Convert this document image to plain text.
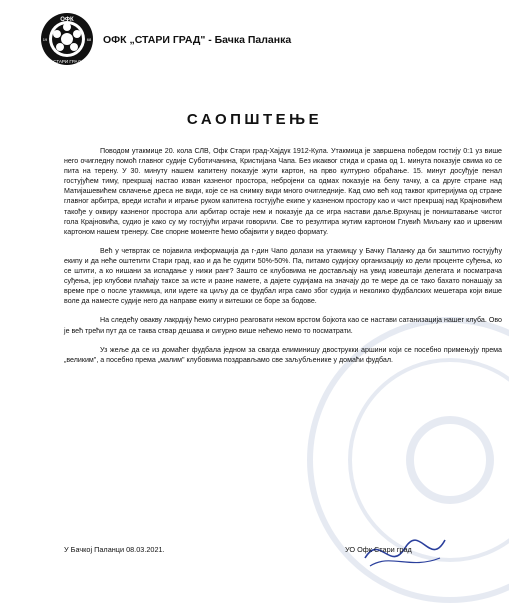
ОФК
СТАРИ ГРАД
19	68 ОФК „СТАРИ ГРАД" - Бачка Паланка
САОПШТЕЊЕ

Поводом утакмице 20. кола СЛВ, Офк Стари град-Хајдук 1912-Кула. Утакмица је завршена победом гостију 0:1 уз више него очигледну помоћ главног судије Суботичанина, Кристијана Чапа. Без икаквог стида и срама од 1. минута показује свима ко се пита на терену. У 30. минуту нашем капитену показује жути картон, на прво културно обраћање. 15. минут досуђује пенал гостујућем тиму, прекршај настао изван казненог простора, небројени са одмах показује на белу тачку, а са друге стране над Матијашевићем свлачење дреса не види, које се на снимку види много очигледније. Кад смо већ код таквог критеријума од стране главног арбитра, вреди истаћи и играње руком капитена гостујуће екипе у казненом простору као и чист прекршај над Крајновићем такође у оквиру казненог простора али арбитар остаје нем и показује да се игра настави даље.Врхунац је поништавање чистог гола Крајновића, судио је како су му гостујући играчи говорили. Све то резултира жутим картоном Глувић Миљану као и црвеним картоном нашем тренеру. Све спорне моменте ћемо обајвити у видео формату.

Већ у четвртак се појавила информација да г-дин Чапо долази на утакмицу у Бачку Паланку да би заштитио гостујућу екипу и да неће оштетити Стари град, као и да ће судити 50%-50%. Па, питамо судијску организацију ко дели проценте суђења, ко се штити, а ко нишани за испадање у нижи ранг? Зашто се клубовима не достављају на увид извештаји делегата и посматрача суђења, јер клубови плаћају таксе за исте и разне намете, а дајете судијама на значају до те мере да се тако бахато понашају за време пре о после утакмица, или идете ка циљу да се фудбал игра само због судија и неколико фудбалских мешетара који више воле да наместе судије него да направе екипу и витешки се боре за бодове.

На следећу овакву лакрдију ћемо сигурно реаговати неком врстом бојкота као се настави сатанизација нашег клуба. Ово је већ трећи пут да се таква ствар дешава и сигурно више нећемо немо то посматрати.

Уз жеље да се из домаћег фудбала једном за свагда елиминишу двострукки аршини који се посебно примењују према „великим", а посебно према „малим" клубовима поздрављамо све заљубљенике у домаћи фудбал.

У Бачкој Паланци 08.03.2021.	УО Офк Стари град
